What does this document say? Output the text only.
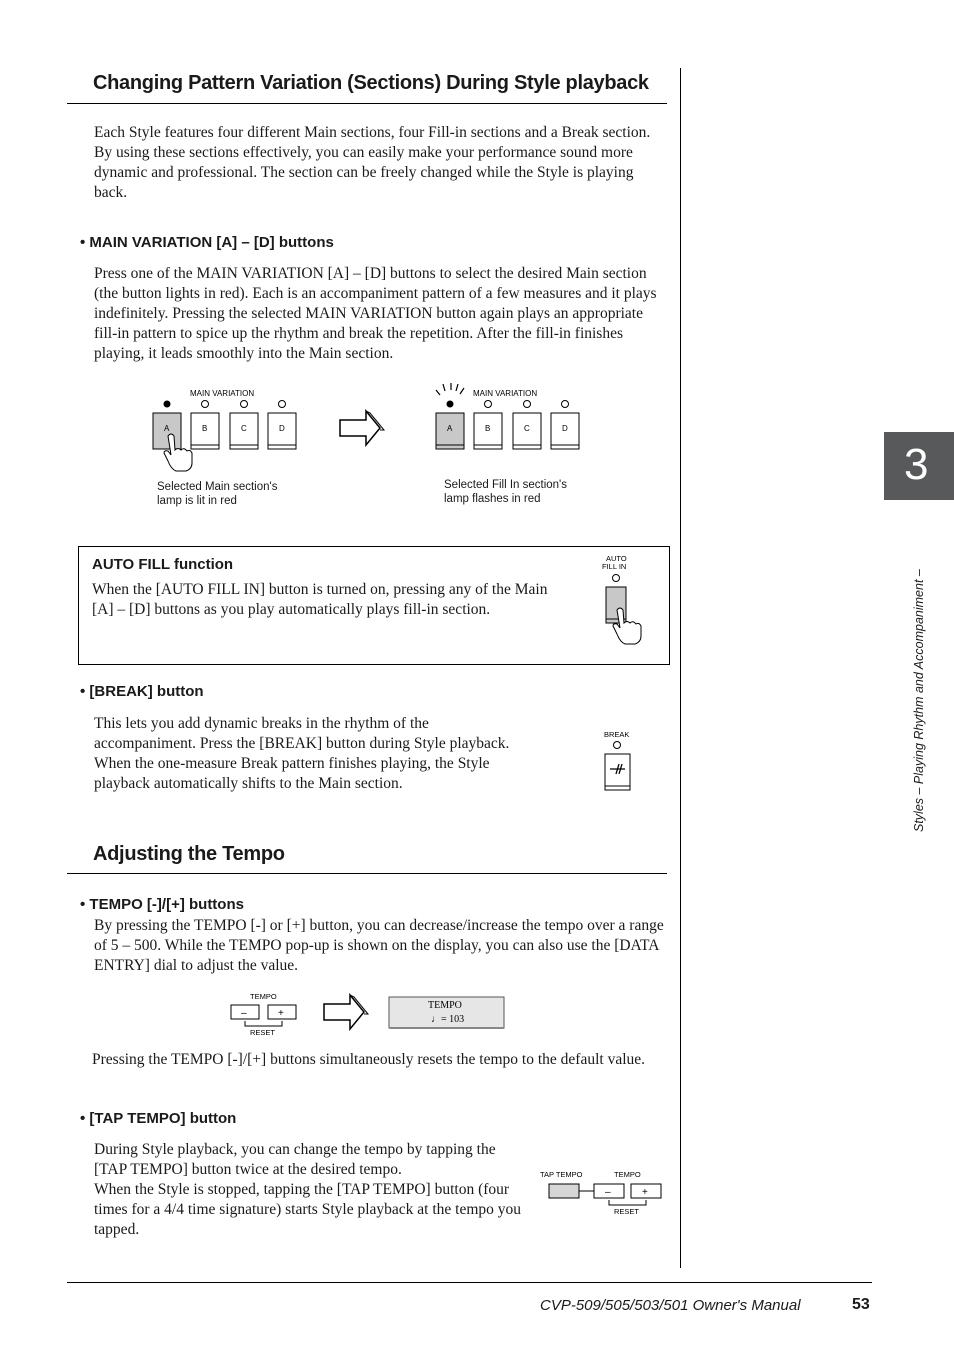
Changing Pattern Variation (Sections) During Style playback
Each Style features four different Main sections, four Fill-in sections and a Break section. By using these sections effectively, you can easily make your performance sound more dynamic and professional. The section can be freely changed while the Style is playing back.
• MAIN VARIATION [A] – [D] buttons
Press one of the MAIN VARIATION [A] – [D] buttons to select the desired Main section (the button lights in red). Each is an accompaniment pattern of a few measures and it plays indefinitely. Pressing the selected MAIN VARIATION button again plays an appropriate fill-in pattern to spice up the rhythm and break the repetition. After the fill-in finishes playing, it leads smoothly into the Main section.
MAIN VARIATION
A	B	C	D
MAIN VARIATION
A	B	C	D
Selected Main section's lamp is lit in red
Selected Fill In section's lamp flashes in red
AUTO FILL function
When the [AUTO FILL IN] button is turned on, pressing any of the Main [A] – [D] buttons as you play automatically plays fill-in section.
AUTO
FILL IN
• [BREAK] button
This lets you add dynamic breaks in the rhythm of the accompaniment. Press the [BREAK] button during Style playback. When the one-measure Break pattern finishes playing, the Style playback automatically shifts to the Main section.
BREAK
Adjusting the Tempo
• TEMPO [-]/[+] buttons
By pressing the TEMPO [-] or [+] button, you can decrease/increase the tempo over a range of 5 – 500. While the TEMPO pop-up is shown on the display, you can also use the [DATA ENTRY] dial to adjust the value.
TEMPO
–	+
RESET
TEMPO
♩= 103
Pressing the TEMPO [-]/[+] buttons simultaneously resets the tempo to the default value.
• [TAP TEMPO] button
During Style playback, you can change the tempo by tapping the [TAP TEMPO] button twice at the desired tempo.
When the Style is stopped, tapping the [TAP TEMPO] button (four times for a 4/4 time signature) starts Style playback at the tempo you tapped.
TAP TEMPO	TEMPO
–	+
RESET
3
Styles – Playing Rhythm and Accompaniment –
CVP-509/505/503/501 Owner's Manual	53
